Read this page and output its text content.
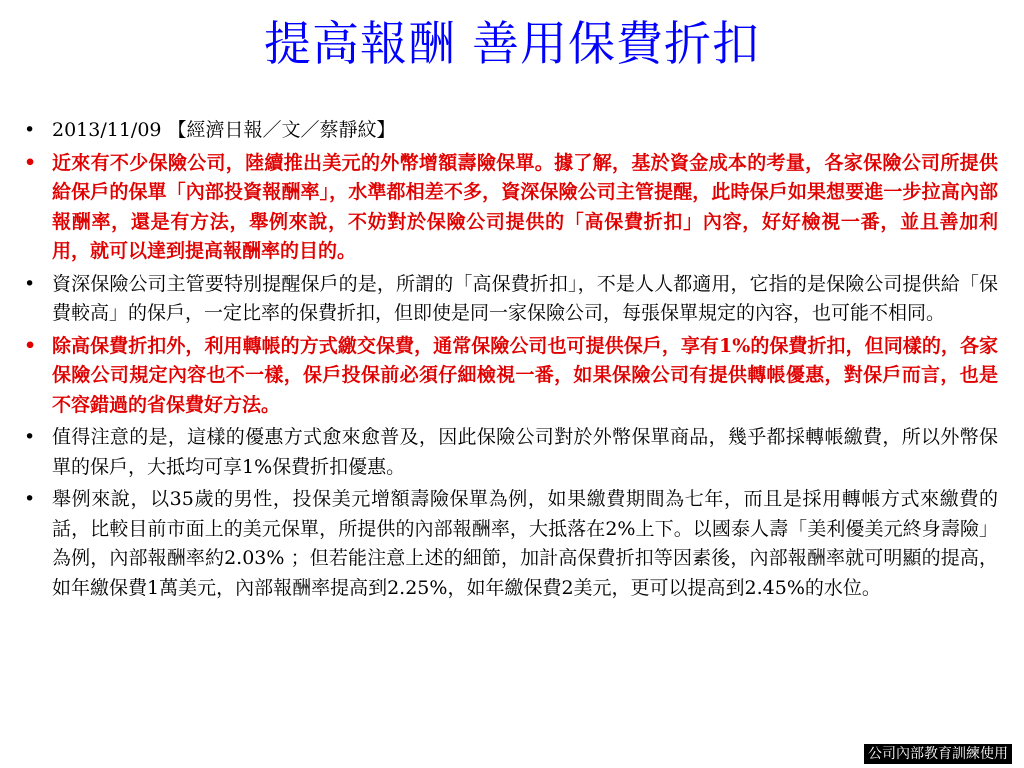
提高報酬 善用保費折扣
• 2013/11/09 【經濟日報／文／蔡靜紋】
• 近來有不少保險公司，陸續推出美元的外幣增額壽險保單。據了解，基於資金成本的考量，各家保險公司所提供給保戶的保單「內部投資報酬率」，水準都相差不多，資深保險公司主管提醒，此時保戶如果想要進一步拉高內部報酬率，還是有方法，舉例來說，不妨對於保險公司提供的「高保費折扣」內容，好好檢視一番，並且善加利用，就可以達到提高報酬率的目的。
• 資深保險公司主管要特別提醒保戶的是，所謂的「高保費折扣」，不是人人都適用，它指的是保險公司提供給「保費較高」的保戶，一定比率的保費折扣，但即使是同一家保險公司，每張保單規定的內容，也可能不相同。
• 除高保費折扣外，利用轉帳的方式繳交保費，通常保險公司也可提供保戶，享有1%的保費折扣，但同樣的，各家保險公司規定內容也不一樣，保戶投保前必須仔細檢視一番，如果保險公司有提供轉帳優惠，對保戶而言，也是不容錯過的省保費好方法。
• 值得注意的是，這樣的優惠方式愈來愈普及，因此保險公司對於外幣保單商品，幾乎都採轉帳繳費，所以外幣保單的保戶，大抵均可享1%保費折扣優惠。
• 舉例來說，以35歲的男性，投保美元增額壽險保單為例，如果繳費期間為七年，而且是採用轉帳方式來繳費的話，比較目前市面上的美元保單，所提供的內部報酬率，大抵落在2%上下。以國泰人壽「美利優美元終身壽險」為例，內部報酬率約2.03% ；但若能注意上述的細節，加計高保費折扣等因素後，內部報酬率就可明顯的提高，如年繳保費1萬美元，內部報酬率提高到2.25%，如年繳保費2美元，更可以提高到2.45%的水位。
公司內部教育訓練使用
